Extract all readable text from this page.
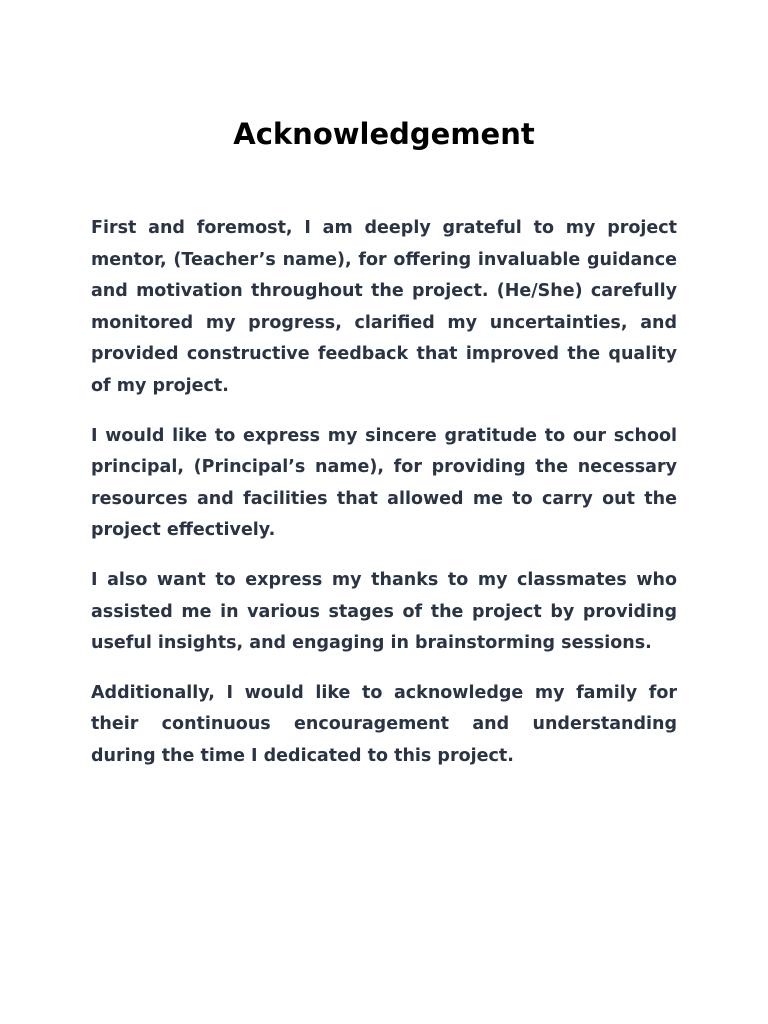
Acknowledgement

First and foremost, I am deeply grateful to my project mentor, (Teacher’s name), for offering invaluable guidance and motivation throughout the project. (He/She) carefully monitored my progress, clarified my uncertainties, and provided constructive feedback that improved the quality of my project.

I would like to express my sincere gratitude to our school principal, (Principal’s name), for providing the necessary resources and facilities that allowed me to carry out the project effectively.

I also want to express my thanks to my classmates who assisted me in various stages of the project by providing useful insights, and engaging in brainstorming sessions.

Additionally, I would like to acknowledge my family for their continuous encouragement and understanding during the time I dedicated to this project.
